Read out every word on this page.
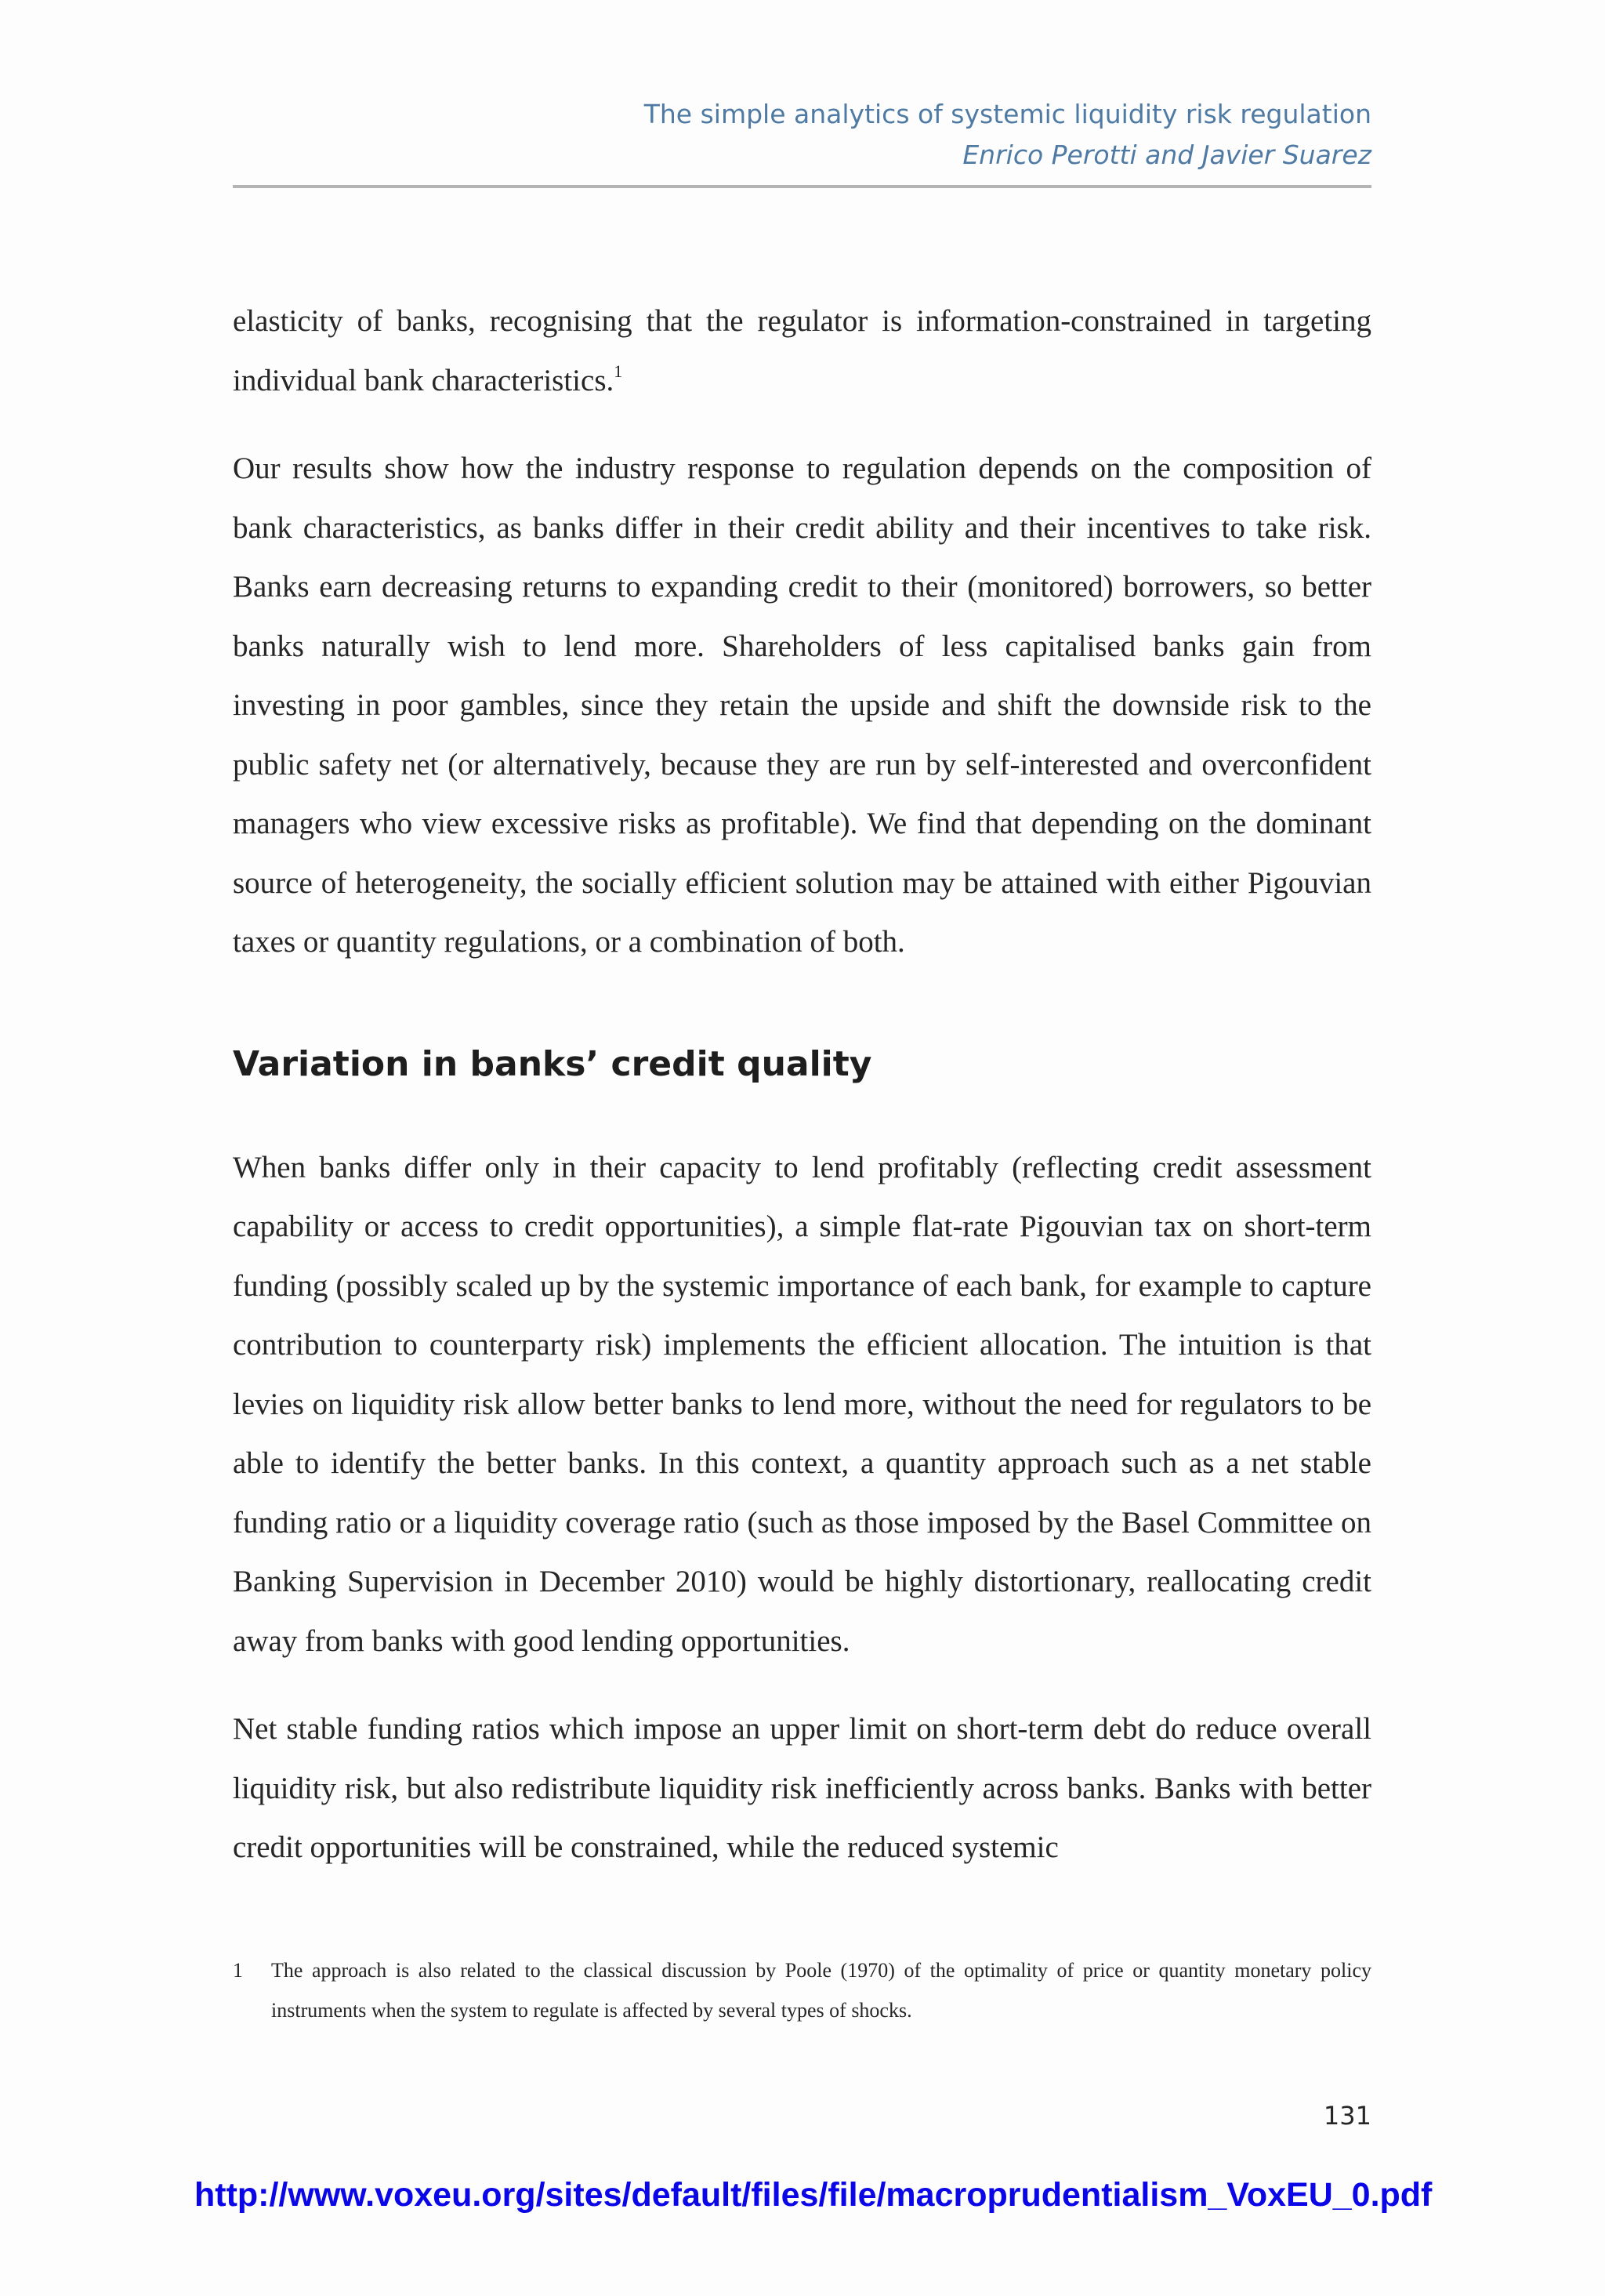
The simple analytics of systemic liquidity risk regulation
Enrico Perotti and Javier Suarez

elasticity of banks, recognising that the regulator is information-constrained in targeting individual bank characteristics.$^1$

Our results show how the industry response to regulation depends on the composition of bank characteristics, as banks differ in their credit ability and their incentives to take risk. Banks earn decreasing returns to expanding credit to their (monitored) borrowers, so better banks naturally wish to lend more. Shareholders of less capitalised banks gain from investing in poor gambles, since they retain the upside and shift the downside risk to the public safety net (or alternatively, because they are run by self-interested and overconfident managers who view excessive risks as profitable). We find that depending on the dominant source of heterogeneity, the socially efficient solution may be attained with either Pigouvian taxes or quantity regulations, or a combination of both.

Variation in banks’ credit quality

When banks differ only in their capacity to lend profitably (reflecting credit assessment capability or access to credit opportunities), a simple flat-rate Pigouvian tax on short-term funding (possibly scaled up by the systemic importance of each bank, for example to capture contribution to counterparty risk) implements the efficient allocation. The intuition is that levies on liquidity risk allow better banks to lend more, without the need for regulators to be able to identify the better banks. In this context, a quantity approach such as a net stable funding ratio or a liquidity coverage ratio (such as those imposed by the Basel Committee on Banking Supervision in December 2010) would be highly distortionary, reallocating credit away from banks with good lending opportunities.

Net stable funding ratios which impose an upper limit on short-term debt do reduce overall liquidity risk, but also redistribute liquidity risk inefficiently across banks. Banks with better credit opportunities will be constrained, while the reduced systemic

1 The approach is also related to the classical discussion by Poole (1970) of the optimality of price or quantity monetary policy instruments when the system to regulate is affected by several types of shocks.
131
http://www.voxeu.org/sites/default/files/file/macroprudentialism_VoxEU_0.pdf
